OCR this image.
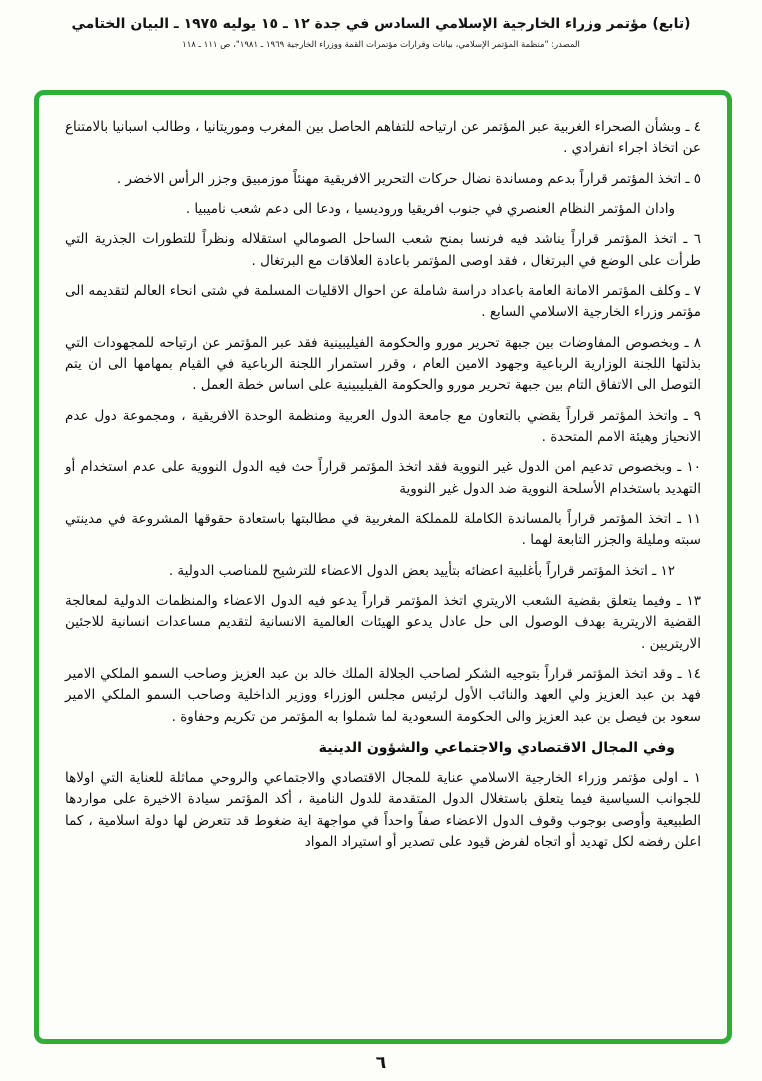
(تابع) مؤتمر وزراء الخارجية الإسلامي السادس في جدة ١٢ ـ ١٥ يوليه ١٩٧٥ ـ البيان الختامي
المصدر: "منظمة المؤتمر الإسلامي، بيانات وقرارات مؤتمرات القمة ووزراء الخارجية ١٩٦٩ ـ ١٩٨١"، ص ١١١ ـ ١١٨

٤ ـ وبشأن الصحراء الغربية عبر المؤتمر عن ارتياحه للتفاهم الحاصل بين المغرب وموريتانيا ، وطالب اسبانيا بالامتناع عن اتخاذ اجراء انفرادي .

٥ ـ اتخذ المؤتمر قراراً بدعم ومساندة نضال حركات التحرير الافريقية مهنئاً موزمبيق وجزر الرأس الاخضر .

وادان المؤتمر النظام العنصري في جنوب افريقيا وروديسيا ، ودعا الى دعم شعب ناميبيا .

٦ ـ اتخذ المؤتمر قراراً يناشد فيه فرنسا بمنح شعب الساحل الصومالي استقلاله ونظراً للتطورات الجذرية التي طرأت على الوضع في البرتغال ، فقد اوصى المؤتمر باعادة العلاقات مع البرتغال .

٧ ـ وكلف المؤتمر الامانة العامة باعداد دراسة شاملة عن احوال الاقليات المسلمة في شتى انحاء العالم لتقديمه الى مؤتمر وزراء الخارجية الاسلامي السابع .

٨ ـ وبخصوص المفاوضات بين جبهة تحرير مورو والحكومة الفيليبينية فقد عبر المؤتمر عن ارتياحه للمجهودات التي بذلتها اللجنة الوزارية الرباعية وجهود الامين العام ، وقرر استمرار اللجنة الرباعية في القيام بمهامها الى ان يتم التوصل الى الاتفاق التام بين جبهة تحرير مورو والحكومة الفيليبينية على اساس خطة العمل .

٩ ـ واتخذ المؤتمر قراراً يقضي بالتعاون مع جامعة الدول العربية ومنظمة الوحدة الافريقية ، ومجموعة دول عدم الانحياز وهيئة الامم المتحدة .

١٠ ـ وبخصوص تدعيم امن الدول غير النووية فقد اتخذ المؤتمر قراراً حث فيه الدول النووية على عدم استخدام أو التهديد باستخدام الأسلحة النووية ضد الدول غير النووية

١١ ـ اتخذ المؤتمر قراراً بالمساندة الكاملة للمملكة المغربية في مطالبتها باستعادة حقوقها المشروعة في مدينتي سبته ومليلة والجزر التابعة لهما .

١٢ ـ اتخذ المؤتمر قراراً بأغلبية اعضائه بتأييد بعض الدول الاعضاء للترشيح للمناصب الدولية .

١٣ ـ وفيما يتعلق بقضية الشعب الاريتري اتخذ المؤتمر قراراً يدعو فيه الدول الاعضاء والمنظمات الدولية لمعالجة القضية الاريترية بهدف الوصول الى حل عادل يدعو الهيئات العالمية الانسانية لتقديم مساعدات انسانية للاجئين الاريتريين .

١٤ ـ وقد اتخذ المؤتمر قراراً بتوجيه الشكر لصاحب الجلالة الملك خالد بن عبد العزيز وصاحب السمو الملكي الامير فهد بن عبد العزيز ولي العهد والنائب الأول لرئيس مجلس الوزراء ووزير الداخلية وصاحب السمو الملكي الامير سعود بن فيصل بن عبد العزيز والى الحكومة السعودية لما شملوا به المؤتمر من تكريم وحفاوة .

وفي المجال الاقتصادي والاجتماعي والشؤون الدينية

١ ـ اولى مؤتمر وزراء الخارجية الاسلامي عناية للمجال الاقتصادي والاجتماعي والروحي مماثلة للعناية التي اولاها للجوانب السياسية فيما يتعلق باستغلال الدول المتقدمة للدول النامية ، أكد المؤتمر سيادة الاخيرة على مواردها الطبيعية وأوصى بوجوب وقوف الدول الاعضاء صفاً واحداً في مواجهة اية ضغوط قد تتعرض لها دولة اسلامية ، كما اعلن رفضه لكل تهديد أو اتجاه لفرض قيود على تصدير أو استيراد المواد

٦
